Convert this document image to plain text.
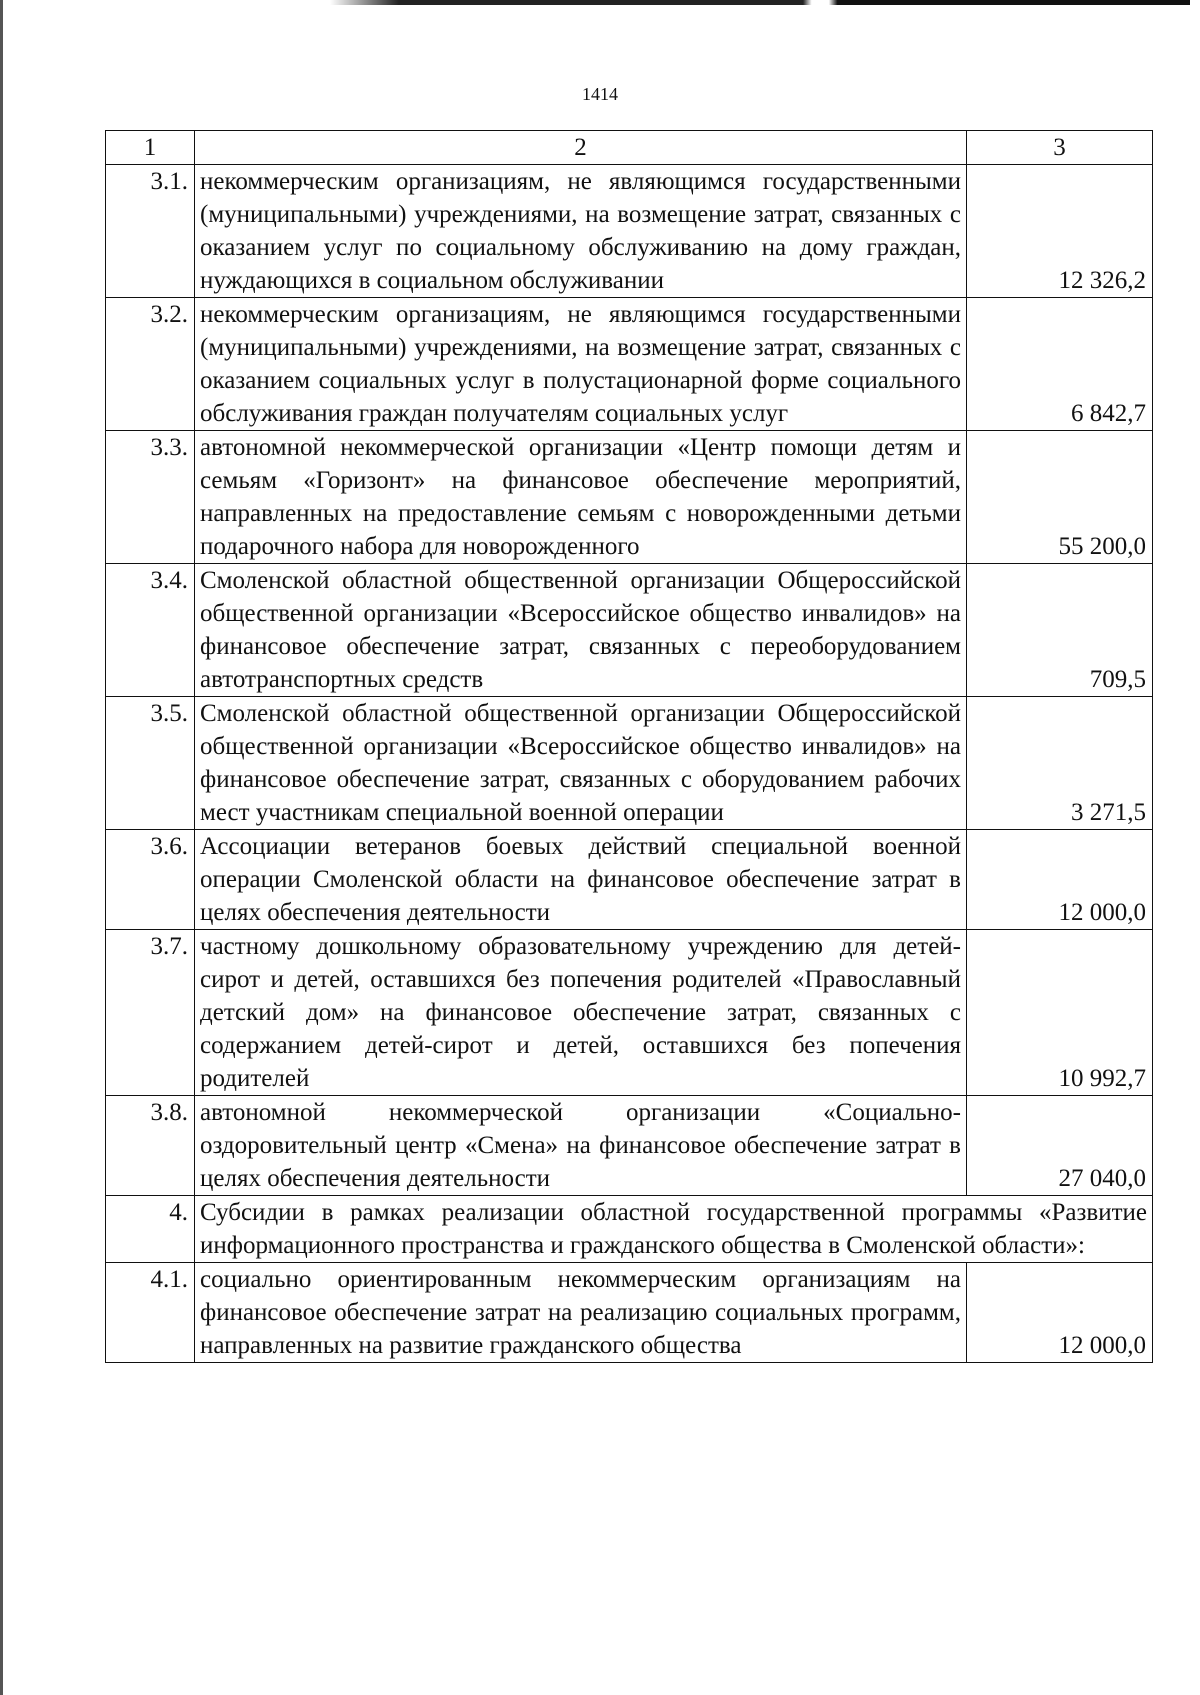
1414
1	2	3
3.1.	некоммерческим организациям, не являющимся государственными (муниципальными) учреждениями, на возмещение затрат, связанных с оказанием услуг по социальному обслуживанию на дому граждан, нуждающихся в социальном обслуживании	12 326,2
3.2.	некоммерческим организациям, не являющимся государственными (муниципальными) учреждениями, на возмещение затрат, связанных с оказанием социальных услуг в полустационарной форме социального обслуживания граждан получателям социальных услуг	6 842,7
3.3.	автономной некоммерческой организации «Центр помощи детям и семьям «Горизонт» на финансовое обеспечение мероприятий, направленных на предоставление семьям с новорожденными детьми подарочного набора для новорожденного	55 200,0
3.4.	Смоленской областной общественной организации Общероссийской общественной организации «Всероссийское общество инвалидов» на финансовое обеспечение затрат, связанных с переоборудованием автотранспортных средств	709,5
3.5.	Смоленской областной общественной организации Общероссийской общественной организации «Всероссийское общество инвалидов» на финансовое обеспечение затрат, связанных с оборудованием рабочих мест участникам специальной военной операции	3 271,5
3.6.	Ассоциации ветеранов боевых действий специальной военной операции Смоленской области на финансовое обеспечение затрат в целях обеспечения деятельности	12 000,0
3.7.	частному дошкольному образовательному учреждению для детей-сирот и детей, оставшихся без попечения родителей «Православный детский дом» на финансовое обеспечение затрат, связанных с содержанием детей-сирот и детей, оставшихся без попечения родителей	10 992,7
3.8.	автономной некоммерческой организации «Социально-оздоровительный центр «Смена» на финансовое обеспечение затрат в целях обеспечения деятельности	27 040,0
4.	Субсидии в рамках реализации областной государственной программы «Развитие информационного пространства и гражданского общества в Смоленской области»:	
4.1.	социально ориентированным некоммерческим организациям на финансовое обеспечение затрат на реализацию социальных программ, направленных на развитие гражданского общества	12 000,0
